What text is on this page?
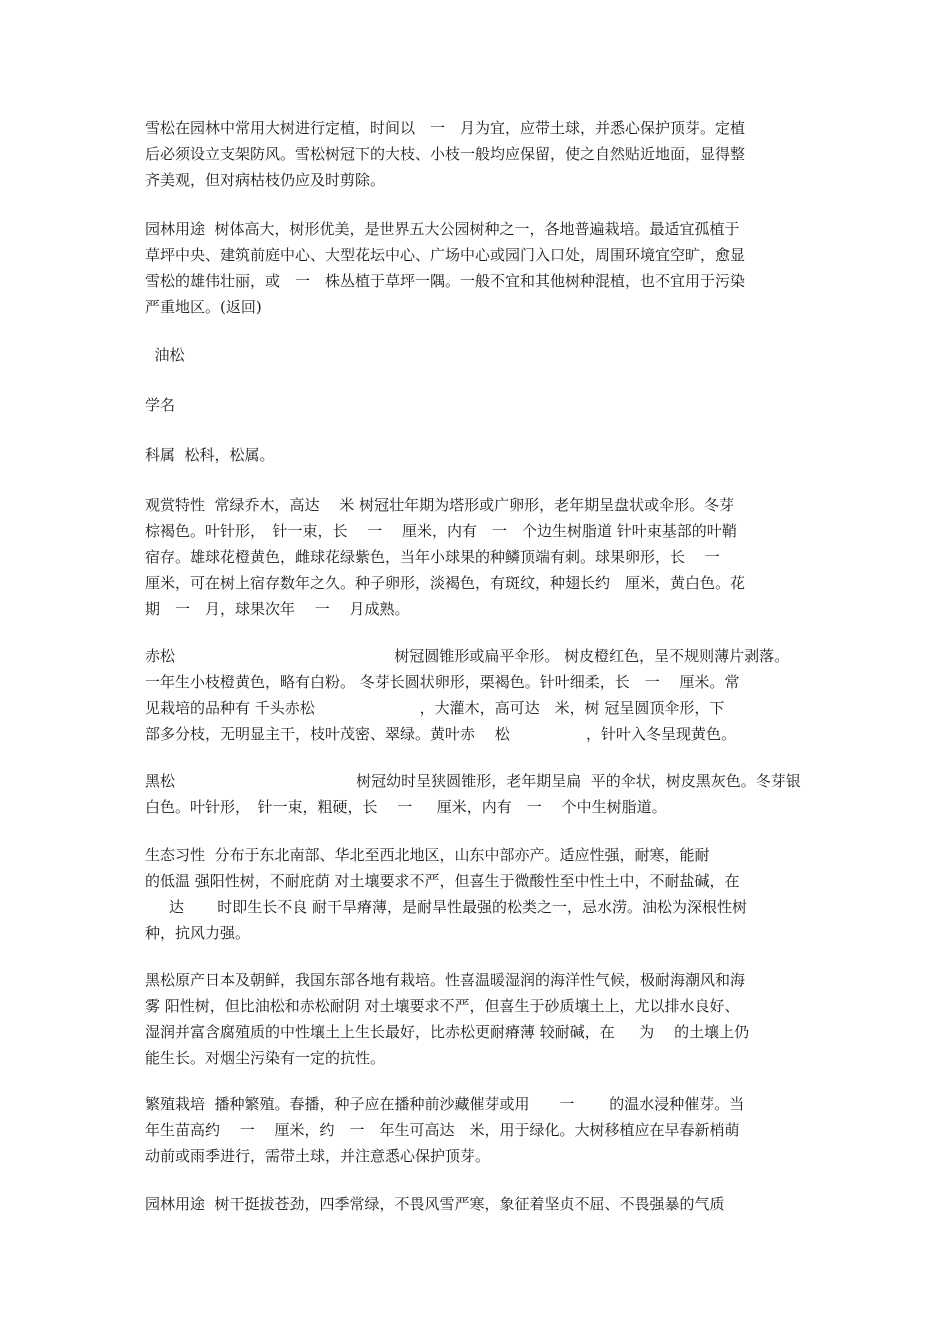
雪松在园林中常用大树进行定植，时间以　一　月为宜，应带土球，并悉心保护顶芽。定植
后必须设立支架防风。雪松树冠下的大枝、小枝一般均应保留，使之自然贴近地面，显得整
齐美观，但对病枯枝仍应及时剪除。
园林用途  树体高大，树形优美，是世界五大公园树种之一，各地普遍栽培。最适宜孤植于
草坪中央、建筑前庭中心、大型花坛中心、广场中心或园门入口处，周围环境宜空旷，愈显
雪松的雄伟壮丽，或　一　株丛植于草坪一隅。一般不宜和其他树种混植，也不宜用于污染
严重地区。(返回)
油松
学名
科属  松科，松属。
观赏特性  常绿乔木，高达　 米 树冠壮年期为塔形或广卵形，老年期呈盘状或伞形。冬芽
棕褐色。叶针形，　针一束，长　 一　 厘米，内有　一　个边生树脂道 针叶束基部的叶鞘
宿存。雄球花橙黄色，雌球花绿紫色，当年小球果的种鳞顶端有刺。球果卵形，长　 一
厘米，可在树上宿存数年之久。种子卵形，淡褐色，有斑纹，种翅长约　厘米，黄白色。花
期　一　月，球果次年　 一　 月成熟。
赤松                                              树冠圆锥形或扁平伞形。 树皮橙红色，呈不规则薄片剥落。
一年生小枝橙黄色，略有白粉。 冬芽长圆状卵形，栗褐色。针叶细柔，长　一　 厘米。常
见栽培的品种有 千头赤松                      ，大灌木，高可达　米，树 冠呈圆顶伞形，下
部多分枝，无明显主干，枝叶茂密、翠绿。黄叶赤　 松                ，针叶入冬呈现黄色。
黑松                                      树冠幼时呈狭圆锥形，老年期呈扁  平的伞状，树皮黑灰色。冬芽银
白色。叶针形，　针一束，粗硬，长　 一　  厘米，内有　一　 个中生树脂道。
生态习性  分布于东北南部、华北至西北地区，山东中部亦产。适应性强，耐寒，能耐
的低温 强阳性树，不耐庇荫 对土壤要求不严，但喜生于微酸性至中性土中，不耐盐碱，在
达       时即生长不良 耐干旱瘠薄，是耐旱性最强的松类之一，忌水涝。油松为深根性树
种，抗风力强。
黑松原产日本及朝鲜，我国东部各地有栽培。性喜温暖湿润的海洋性气候，极耐海潮风和海
雾 阳性树，但比油松和赤松耐阴 对土壤要求不严，但喜生于砂质壤土上，尤以排水良好、
湿润并富含腐殖质的中性壤土上生长最好，比赤松更耐瘠薄 较耐碱，在　  为　 的土壤上仍
能生长。对烟尘污染有一定的抗性。
繁殖栽培  播种繁殖。春播，种子应在播种前沙藏催芽或用　　一　　 的温水浸种催芽。当
年生苗高约　 一　 厘米，约　一　年生可高达　米，用于绿化。大树移植应在早春新梢萌
动前或雨季进行，需带土球，并注意悉心保护顶芽。
园林用途  树干挺拔苍劲，四季常绿，不畏风雪严寒，象征着坚贞不屈、不畏强暴的气质
